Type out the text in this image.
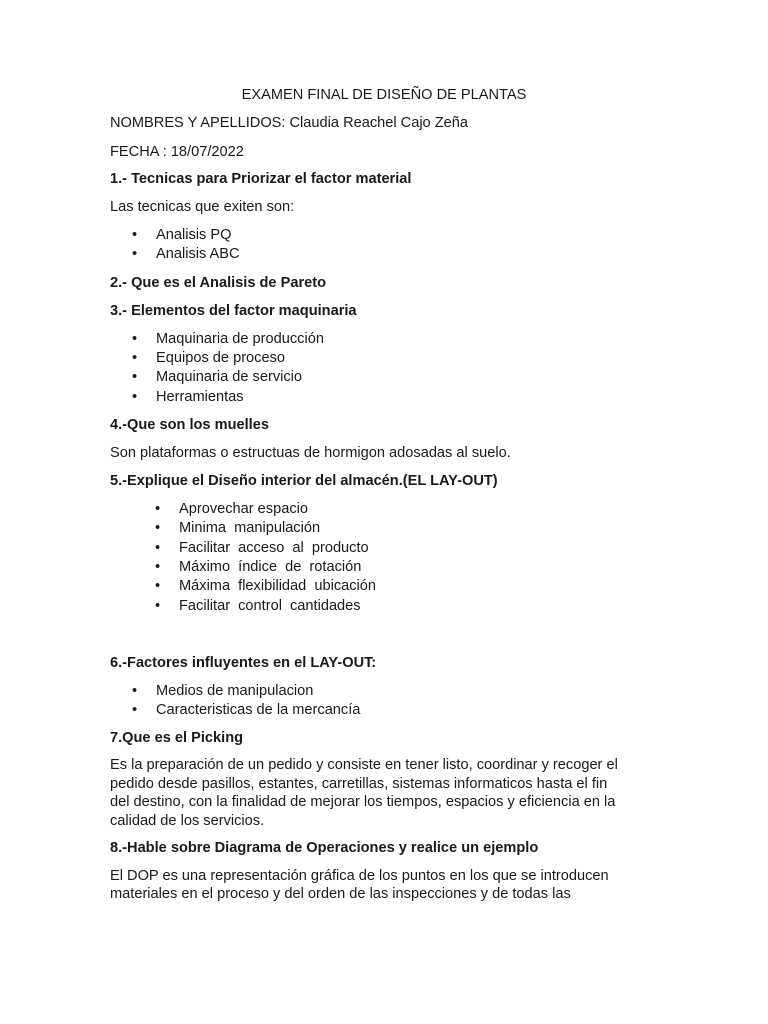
EXAMEN FINAL DE DISEÑO DE PLANTAS
NOMBRES Y APELLIDOS: Claudia Reachel Cajo Zeña
FECHA : 18/07/2022
1.- Tecnicas para Priorizar el factor material
Las tecnicas que exiten son:
• Analisis PQ
• Analisis ABC
2.- Que es el Analisis de Pareto
3.- Elementos del factor maquinaria
• Maquinaria de producción
• Equipos de proceso
• Maquinaria de servicio
• Herramientas
4.-Que son los muelles
Son plataformas o estructuas de hormigon adosadas al suelo.
5.-Explique el Diseño interior del almacén.(EL LAY-OUT)
• Aprovechar espacio
• Minima manipulación
• Facilitar acceso al producto
• Máximo índice de rotación
• Máxima flexibilidad ubicación
• Facilitar control cantidades
6.-Factores influyentes en el LAY-OUT:
• Medios de manipulacion
• Caracteristicas de la mercancía
7.Que es el Picking
Es la preparación de un pedido y consiste en tener listo, coordinar y recoger el
pedido desde pasillos, estantes, carretillas, sistemas informaticos hasta el fin
del destino, con la finalidad de mejorar los tiempos, espacios y eficiencia en la
calidad de los servicios.
8.-Hable sobre Diagrama de Operaciones y realice un ejemplo
El DOP es una representación gráfica de los puntos en los que se introducen
materiales en el proceso y del orden de las inspecciones y de todas las
